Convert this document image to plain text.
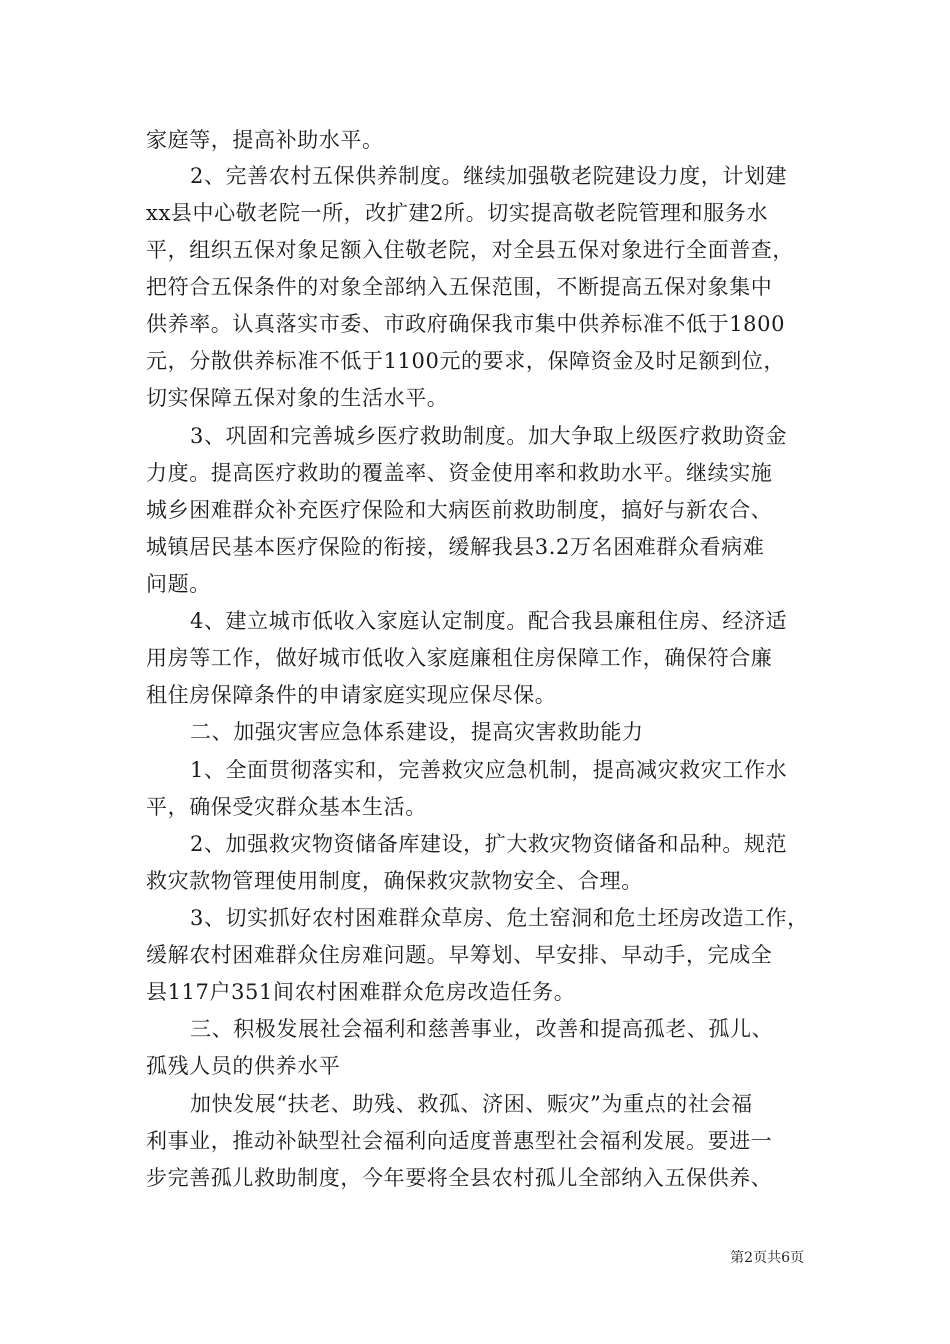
家庭等，提高补助水平。
2、完善农村五保供养制度。继续加强敬老院建设力度，计划建
xx县中心敬老院一所，改扩建2所。切实提高敬老院管理和服务水
平，组织五保对象足额入住敬老院，对全县五保对象进行全面普查，
把符合五保条件的对象全部纳入五保范围，不断提高五保对象集中
供养率。认真落实市委、市政府确保我市集中供养标准不低于1800
元，分散供养标准不低于1100元的要求，保障资金及时足额到位，
切实保障五保对象的生活水平。
3、巩固和完善城乡医疗救助制度。加大争取上级医疗救助资金
力度。提高医疗救助的覆盖率、资金使用率和救助水平。继续实施
城乡困难群众补充医疗保险和大病医前救助制度，搞好与新农合、
城镇居民基本医疗保险的衔接，缓解我县3.2万名困难群众看病难
问题。
4、建立城市低收入家庭认定制度。配合我县廉租住房、经济适
用房等工作，做好城市低收入家庭廉租住房保障工作，确保符合廉
租住房保障条件的申请家庭实现应保尽保。
二、加强灾害应急体系建设，提高灾害救助能力
1、全面贯彻落实和，完善救灾应急机制，提高减灾救灾工作水
平，确保受灾群众基本生活。
2、加强救灾物资储备库建设，扩大救灾物资储备和品种。规范
救灾款物管理使用制度，确保救灾款物安全、合理。
3、切实抓好农村困难群众草房、危土窑洞和危土坯房改造工作，
缓解农村困难群众住房难问题。早筹划、早安排、早动手，完成全
县117户351间农村困难群众危房改造任务。
三、积极发展社会福利和慈善事业，改善和提高孤老、孤儿、
孤残人员的供养水平
加快发展“扶老、助残、救孤、济困、赈灾”为重点的社会福
利事业，推动补缺型社会福利向适度普惠型社会福利发展。要进一
步完善孤儿救助制度，今年要将全县农村孤儿全部纳入五保供养、
第2页共6页
